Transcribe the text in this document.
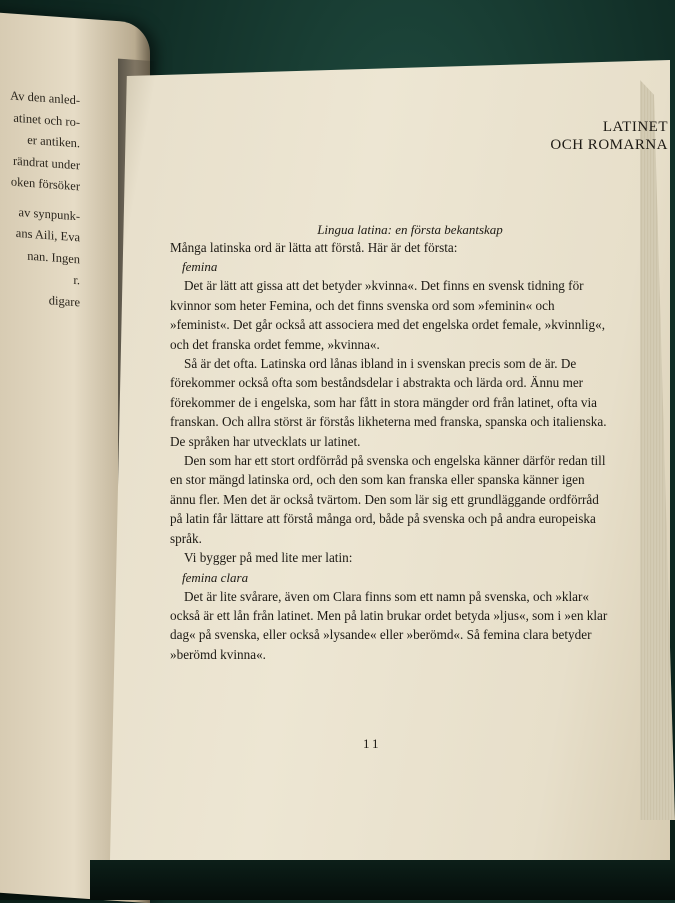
Av den anled-
atinet och ro-
er antiken.
rändrat under
oken försöker
av synpunk-
ans Aili, Eva
nan. Ingen
r.
digare
LATINET
OCH ROMARNA
Lingua latina: en första bekantskap

Många latinska ord är lätta att förstå. Här är det första:

femina

Det är lätt att gissa att det betyder »kvinna«. Det finns en svensk tidning för kvinnor som heter Femina, och det finns svenska ord som »feminin« och »feminist«. Det går också att associera med det engelska ordet female, »kvinnlig«, och det franska ordet femme, »kvinna«.

Så är det ofta. Latinska ord lånas ibland in i svenskan precis som de är. De förekommer också ofta som beståndsdelar i abstrakta och lärda ord. Ännu mer förekommer de i engelska, som har fått in stora mängder ord från latinet, ofta via franskan. Och allra störst är förstås likheterna med franska, spanska och italienska. De språken har utvecklats ur latinet.

Den som har ett stort ordförråd på svenska och engelska känner därför redan till en stor mängd latinska ord, och den som kan franska eller spanska känner igen ännu fler. Men det är också tvärtom. Den som lär sig ett grundläggande ordförråd på latin får lättare att förstå många ord, både på svenska och på andra europeiska språk.

Vi bygger på med lite mer latin:

femina clara

Det är lite svårare, även om Clara finns som ett namn på svenska, och »klar« också är ett lån från latinet. Men på latin brukar ordet betyda »ljus«, som i »en klar dag« på svenska, eller också »lysande« eller »berömd«. Så femina clara betyder »berömd kvinna«.

11
